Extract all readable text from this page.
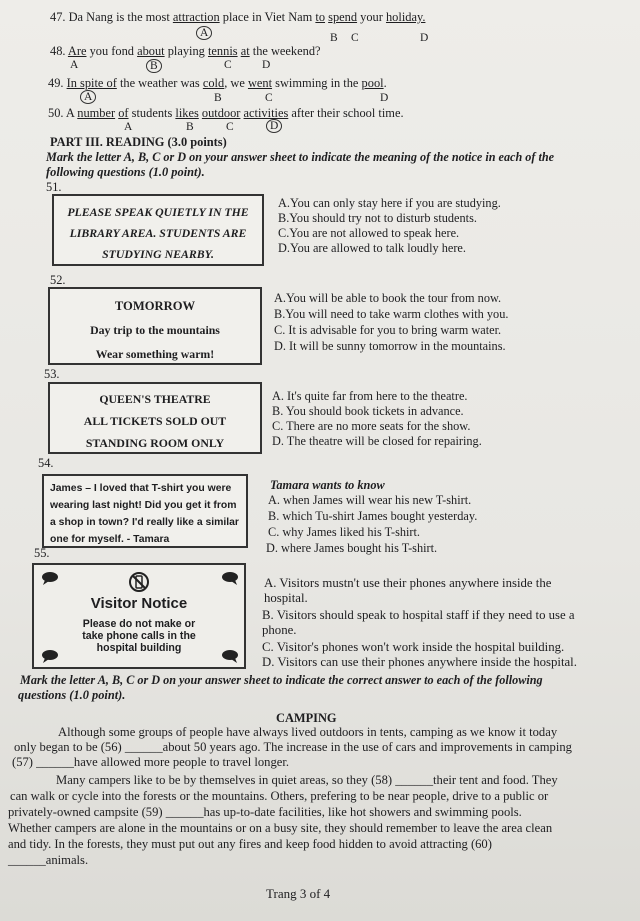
47. Da Nang is the most attraction place in Viet Nam to spend your holiday.
A	B C	D
48. Are you fond about playing tennis at the weekend?
A	B	C	D
49. In spite of the weather was cold, we went swimming in the pool.
A	B	C	D
50. A number of students likes outdoor activities after their school time.
A	B	C	D
PART III. READING (3.0 points)
Mark the letter A, B, C or D on your answer sheet to indicate the meaning of the notice in each of the
following questions (1.0 point).
51.
PLEASE SPEAK QUIETLY IN THE
LIBRARY AREA. STUDENTS ARE
STUDYING NEARBY.
A.You can only stay here if you are studying.
B.You should try not to disturb students.
C.You are not allowed to speak here.
D.You are allowed to talk loudly here.
52.
TOMORROW
Day trip to the mountains
Wear something warm!
A.You will be able to book the tour from now.
B.You will need to take warm clothes with you.
C. It is advisable for you to bring warm water.
D. It will be sunny tomorrow in the mountains.
53.
QUEEN'S THEATRE
ALL TICKETS SOLD OUT
STANDING ROOM ONLY
A. It's quite far from here to the theatre.
B. You should book tickets in advance.
C. There are no more seats for the show.
D. The theatre will be closed for repairing.
54.
James – I loved that T-shirt you were
wearing last night! Did you get it from
a shop in town? I'd really like a similar
one for myself. - Tamara
Tamara wants to know
A. when James will wear his new T-shirt.
B. which Tu-shirt James bought yesterday.
C. why James liked his T-shirt.
D. where James bought his T-shirt.
55.
Visitor Notice
Please do not make or
take phone calls in the
hospital building
A. Visitors mustn't use their phones anywhere inside the
hospital.
B. Visitors should speak to hospital staff if they need to use a
phone.
C. Visitor's phones won't work inside the hospital building.
D. Visitors can use their phones anywhere inside the hospital.
Mark the letter A, B, C or D on your answer sheet to indicate the correct answer to each of the following
questions (1.0 point).
CAMPING
Although some groups of people have always lived outdoors in tents, camping as we know it today
only began to be (56) ______about 50 years ago. The increase in the use of cars and improvements in camping
(57) ______have allowed more people to travel longer.
Many campers like to be by themselves in quiet areas, so they (58) ______their tent and food. They
can walk or cycle into the forests or the mountains. Others, prefering to be near people, drive to a public or
privately-owned campsite (59) ______has up-to-date facilities, like hot showers and swimming pools.
Whether campers are alone in the mountains or on a busy site, they should remember to leave the area clean
and tidy. In the forests, they must put out any fires and keep food hidden to avoid attracting (60)
______animals.
Trang 3 of 4
